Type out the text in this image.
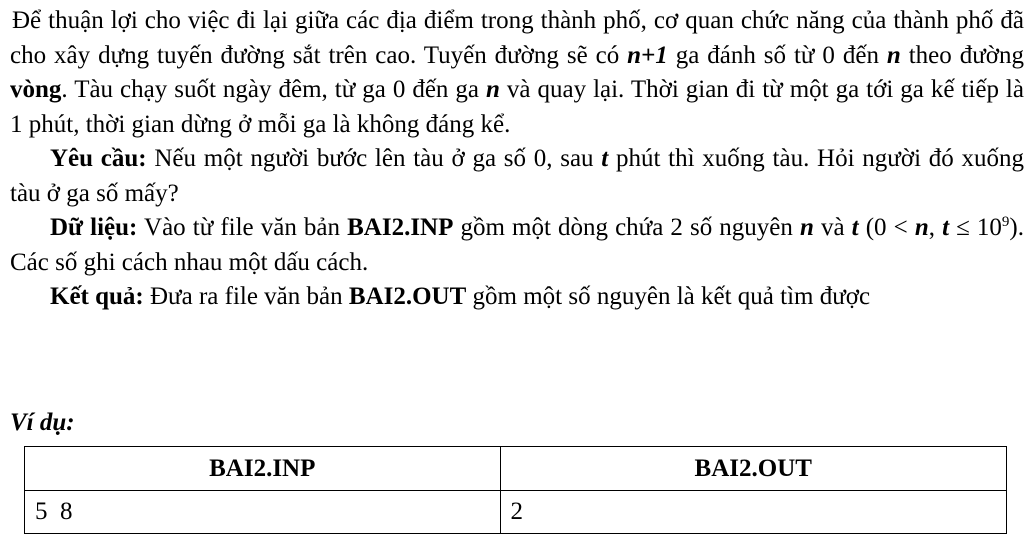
Để thuận lợi cho việc đi lại giữa các địa điểm trong thành phố, cơ quan chức năng của thành phố đã cho xây dựng tuyến đường sắt trên cao. Tuyến đường sẽ có n+1 ga đánh số từ 0 đến n theo đường vòng. Tàu chạy suốt ngày đêm, từ ga 0 đến ga n và quay lại. Thời gian đi từ một ga tới ga kế tiếp là 1 phút, thời gian dừng ở mỗi ga là không đáng kể.

Yêu cầu: Nếu một người bước lên tàu ở ga số 0, sau t phút thì xuống tàu. Hỏi người đó xuống tàu ở ga số mấy?

Dữ liệu: Vào từ file văn bản BAI2.INP gồm một dòng chứa 2 số nguyên n và t (0 < n, $t \le 10^9$). Các số ghi cách nhau một dấu cách.

Kết quả: Đưa ra file văn bản BAI2.OUT gồm một số nguyên là kết quả tìm được

Ví dụ:
BAI2.INP	BAI2.OUT
5  8	2
